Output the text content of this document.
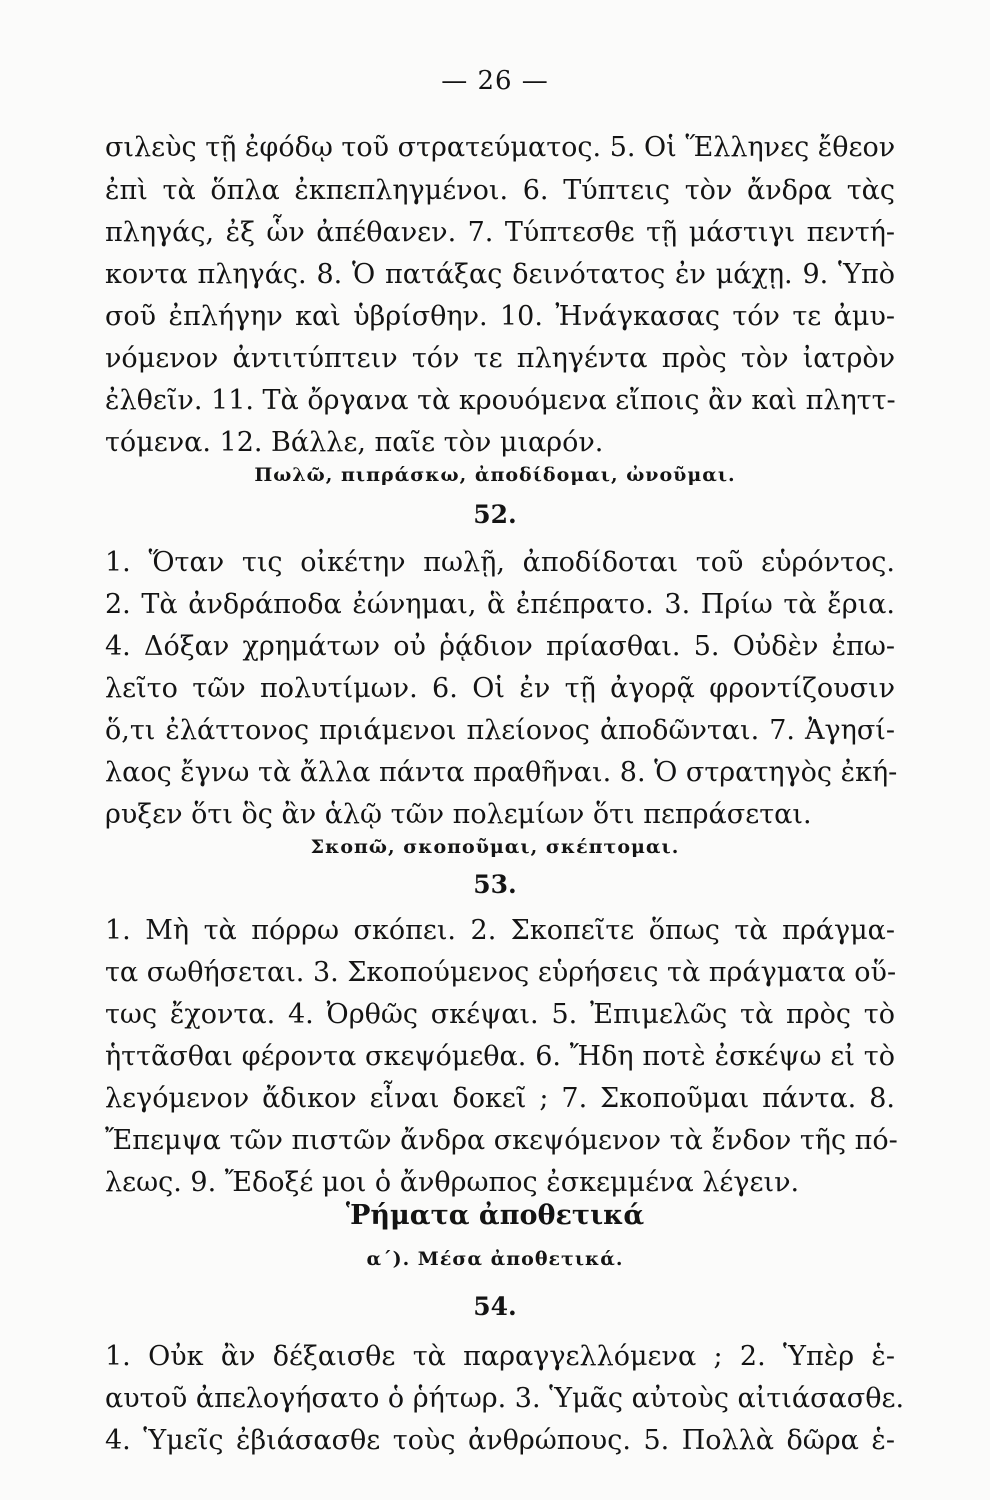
— 26 —
σιλεὺς τῇ ἐφόδῳ τοῦ στρατεύματος. 5. Οἱ Ἕλληνες ἔθεον
ἐπὶ τὰ ὅπλα ἐκπεπληγμένοι. 6. Τύπτεις τὸν ἄνδρα τὰς
πληγάς, ἐξ ὧν ἀπέθανεν. 7. Τύπτεσθε τῇ μάστιγι πεντή-
κοντα πληγάς. 8. Ὁ πατάξας δεινότατος ἐν μάχῃ. 9. Ὑπὸ
σοῦ ἐπλήγην καὶ ὑβρίσθην. 10. Ἠνάγκασας τόν τε ἀμυ-
νόμενον ἀντιτύπτειν τόν τε πληγέντα πρὸς τὸν ἰατρὸν
ἐλθεῖν. 11. Τὰ ὄργανα τὰ κρουόμενα εἴποις ἂν καὶ πληττ-
τόμενα. 12. Βάλλε, παῖε τὸν μιαρόν.
Πωλῶ, πιπράσκω, ἀποδίδομαι, ὠνοῦμαι.
52.
1. Ὅταν τις οἰκέτην πωλῇ, ἀποδίδοται τοῦ εὑρόντος.
2. Τὰ ἀνδράποδα ἐώνημαι, ἃ ἐπέπρατο. 3. Πρίω τὰ ἔρια.
4. Δόξαν χρημάτων οὐ ῥᾴδιον πρίασθαι. 5. Οὐδὲν ἐπω-
λεῖτο τῶν πολυτίμων. 6. Οἱ ἐν τῇ ἀγορᾷ φροντίζουσιν
ὅ,τι ἐλάττονος πριάμενοι πλείονος ἀποδῶνται. 7. Ἀγησί-
λαος ἔγνω τὰ ἄλλα πάντα πραθῆναι. 8. Ὁ στρατηγὸς ἐκή-
ρυξεν ὅτι ὃς ἂν ἁλῷ τῶν πολεμίων ὅτι πεπράσεται.
Σκοπῶ, σκοποῦμαι, σκέπτομαι.
53.
1. Μὴ τὰ πόρρω σκόπει. 2. Σκοπεῖτε ὅπως τὰ πράγμα-
τα σωθήσεται. 3. Σκοπούμενος εὑρήσεις τὰ πράγματα οὕ-
τως ἔχοντα. 4. Ὀρθῶς σκέψαι. 5. Ἐπιμελῶς τὰ πρὸς τὸ
ἡττᾶσθαι φέροντα σκεψόμεθα. 6. Ἤδη ποτὲ ἐσκέψω εἰ τὸ
λεγόμενον ἄδικον εἶναι δοκεῖ ; 7. Σκοποῦμαι πάντα. 8.
Ἔπεμψα τῶν πιστῶν ἄνδρα σκεψόμενον τὰ ἔνδον τῆς πό-
λεως. 9. Ἔδοξέ μοι ὁ ἄνθρωπος ἐσκεμμένα λέγειν.
Ῥήματα ἀποθετικά
α΄). Μέσα ἀποθετικά.
54.
1. Οὐκ ἂν δέξαισθε τὰ παραγγελλόμενα ; 2. Ὑπὲρ ἑ-
αυτοῦ ἀπελογήσατο ὁ ῥήτωρ. 3. Ὑμᾶς αὐτοὺς αἰτιάσασθε.
4. Ὑμεῖς ἐβιάσασθε τοὺς ἀνθρώπους. 5. Πολλὰ δῶρα ἑ-
